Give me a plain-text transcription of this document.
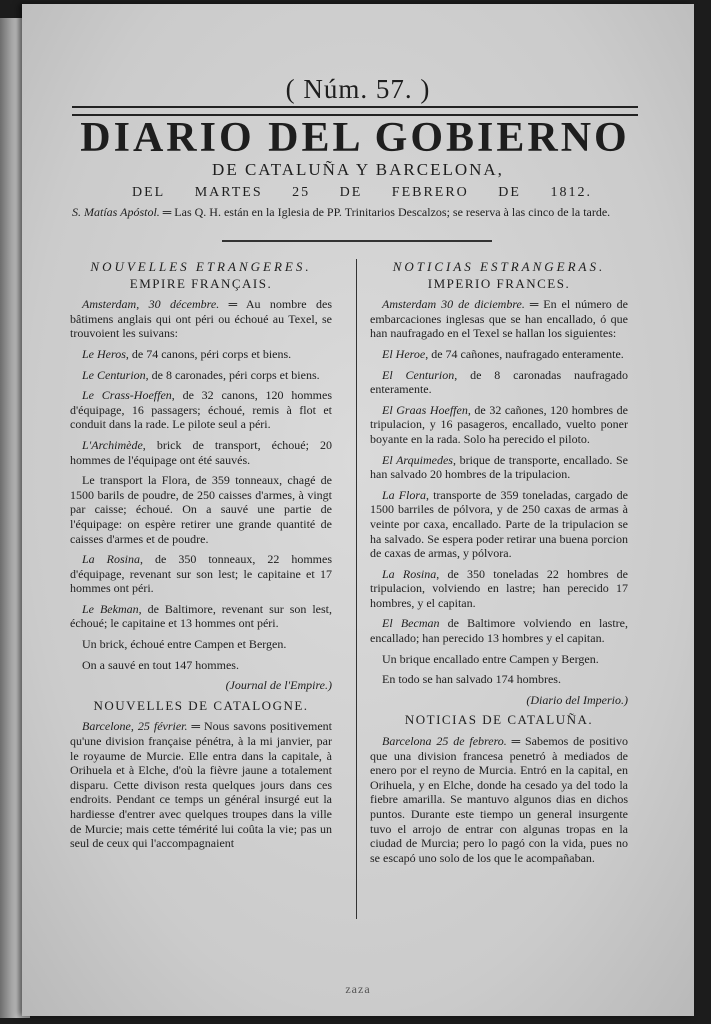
( Núm. 57. )
DIARIO DEL GOBIERNO
DE CATALUÑA Y BARCELONA,
DEL MARTES 25 DE FEBRERO DE 1812.
S. Matías Apóstol. ═ Las Q. H. están en la Iglesia de PP. Trinitarios Descalzos; se reserva à las cinco de la tarde.

NOUVELLES ETRANGERES.

EMPIRE FRANÇAIS.

Amsterdam, 30 décembre. ═ Au nombre des bâtimens anglais qui ont péri ou échoué au Texel, se trouvoient les suivans:

Le Heros, de 74 canons, péri corps et biens.

Le Centurion, de 8 caronades, péri corps et biens.

Le Crass-Hoeffen, de 32 canons, 120 hommes d'équipage, 16 passagers; échoué, remis à flot et conduit dans la rade. Le pilote seul a péri.

L'Archimède, brick de transport, échoué; 20 hommes de l'équipage ont été sauvés.

Le transport la Flora, de 359 tonneaux, chagé de 1500 barils de poudre, de 250 caisses d'armes, à vingt par caisse; échoué. On a sauvé une partie de l'équipage: on espère retirer une grande quantité de caisses d'armes et de poudre.

La Rosina, de 350 tonneaux, 22 hommes d'équipage, revenant sur son lest; le capitaine et 17 hommes ont péri.

Le Bekman, de Baltimore, revenant sur son lest, échoué; le capitaine et 13 hommes ont péri.

Un brick, échoué entre Campen et Bergen.

On a sauvé en tout 147 hommes.

(Journal de l'Empire.)

NOUVELLES DE CATALOGNE.

Barcelone, 25 février. ═ Nous savons positivement qu'une division française pénétra, à la mi janvier, par le royaume de Murcie. Elle entra dans la capitale, à Orihuela et à Elche, d'où la fièvre jaune a totalement disparu. Cette divison resta quelques jours dans ces endroits. Pendant ce temps un général insurgé eut la hardiesse d'entrer avec quelques troupes dans la ville de Murcie; mais cette témérité lui coûta la vie; pas un seul de ceux qui l'accompagnaient

NOTICIAS ESTRANGERAS.

IMPERIO FRANCES.

Amsterdam 30 de diciembre. ═ En el número de embarcaciones inglesas que se han encallado, ó que han naufragado en el Texel se hallan los siguientes:

El Heroe, de 74 cañones, naufragado enteramente.

El Centurion, de 8 caronadas naufragado enteramente.

El Graas Hoeffen, de 32 cañones, 120 hombres de tripulacion, y 16 pasageros, encallado, vuelto poner boyante en la rada. Solo ha perecido el piloto.

El Arquimedes, brique de transporte, encallado. Se han salvado 20 hombres de la tripulacion.

La Flora, transporte de 359 toneladas, cargado de 1500 barriles de pólvora, y de 250 caxas de armas à veinte por caxa, encallado. Parte de la tripulacion se ha salvado. Se espera poder retirar una buena porcion de caxas de armas, y pólvora.

La Rosina, de 350 toneladas 22 hombres de tripulacion, volviendo en lastre; han perecido 17 hombres, y el capitan.

El Becman de Baltimore volviendo en lastre, encallado; han perecido 13 hombres y el capitan.

Un brique encallado entre Campen y Bergen.

En todo se han salvado 174 hombres.

(Diario del Imperio.)

NOTICIAS DE CATALUÑA.

Barcelona 25 de febrero. ═ Sabemos de positivo que una division francesa penetró à mediados de enero por el reyno de Murcia. Entró en la capital, en Orihuela, y en Elche, donde ha cesado ya del todo la fiebre amarilla. Se mantuvo algunos dias en dichos puntos. Durante este tiempo un general insurgente tuvo el arrojo de entrar con algunas tropas en la ciudad de Murcia; pero lo pagó con la vida, pues no se escapó uno solo de los que le acompañaban.

zaza
